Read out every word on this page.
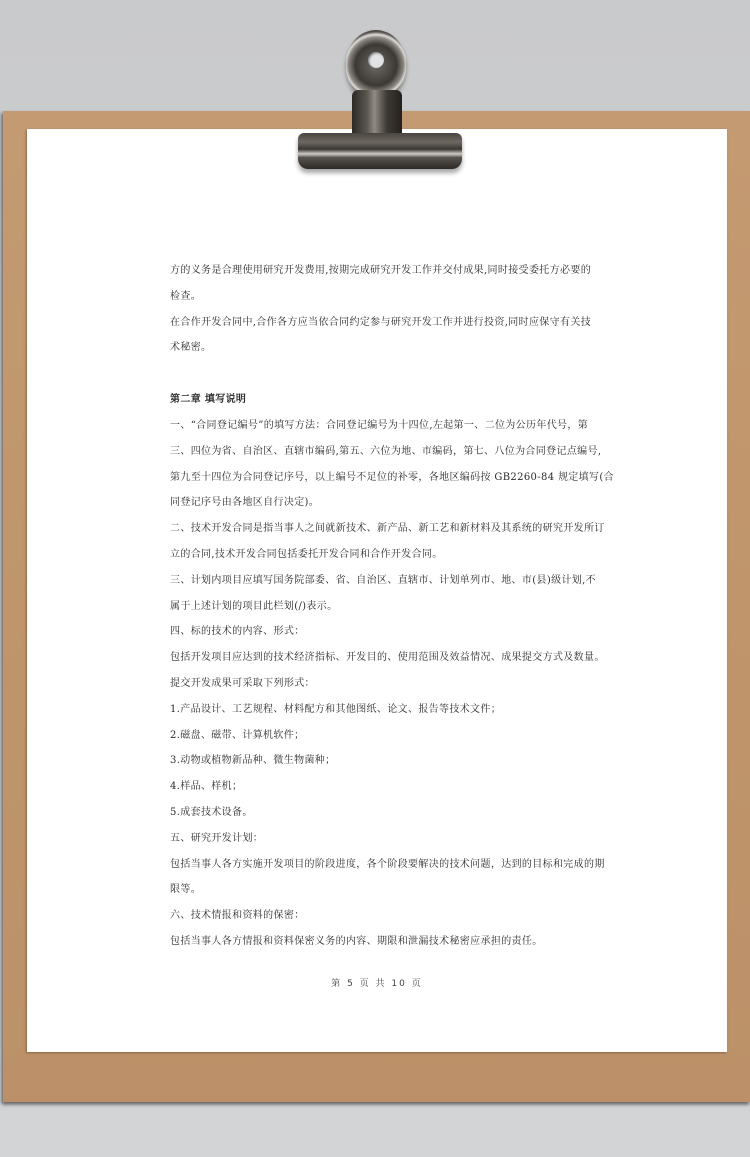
方的义务是合理使用研究开发费用,按期完成研究开发工作并交付成果,同时接受委托方必要的
检查。
在合作开发合同中,合作各方应当依合同约定参与研究开发工作并进行投资,同时应保守有关技
术秘密。
第二章 填写说明
一、“合同登记编号”的填写方法：合同登记编号为十四位,左起第一、二位为公历年代号，第
三、四位为省、自治区、直辖市编码,第五、六位为地、市编码，第七、八位为合同登记点编号,
第九至十四位为合同登记序号，以上编号不足位的补零，各地区编码按 GB2260-84 规定填写(合
同登记序号由各地区自行决定)。
二、技术开发合同是指当事人之间就新技术、新产品、新工艺和新材料及其系统的研究开发所订
立的合同,技术开发合同包括委托开发合同和合作开发合同。
三、计划内项目应填写国务院部委、省、自治区、直辖市、计划单列市、地、市(县)级计划,不
属于上述计划的项目此栏划(/)表示。
四、标的技术的内容、形式：
包括开发项目应达到的技术经济指标、开发目的、使用范围及效益情况、成果提交方式及数量。
提交开发成果可采取下列形式：
1.产品设计、工艺规程、材料配方和其他图纸、论文、报告等技术文件；
2.磁盘、磁带、计算机软件；
3.动物或植物新品种、微生物菌种；
4.样品、样机；
5.成套技术设备。
五、研究开发计划：
包括当事人各方实施开发项目的阶段进度，各个阶段要解决的技术问题，达到的目标和完成的期
限等。
六、技术情报和资料的保密：
包括当事人各方情报和资料保密义务的内容、期限和泄漏技术秘密应承担的责任。
第 5 页 共 10 页
